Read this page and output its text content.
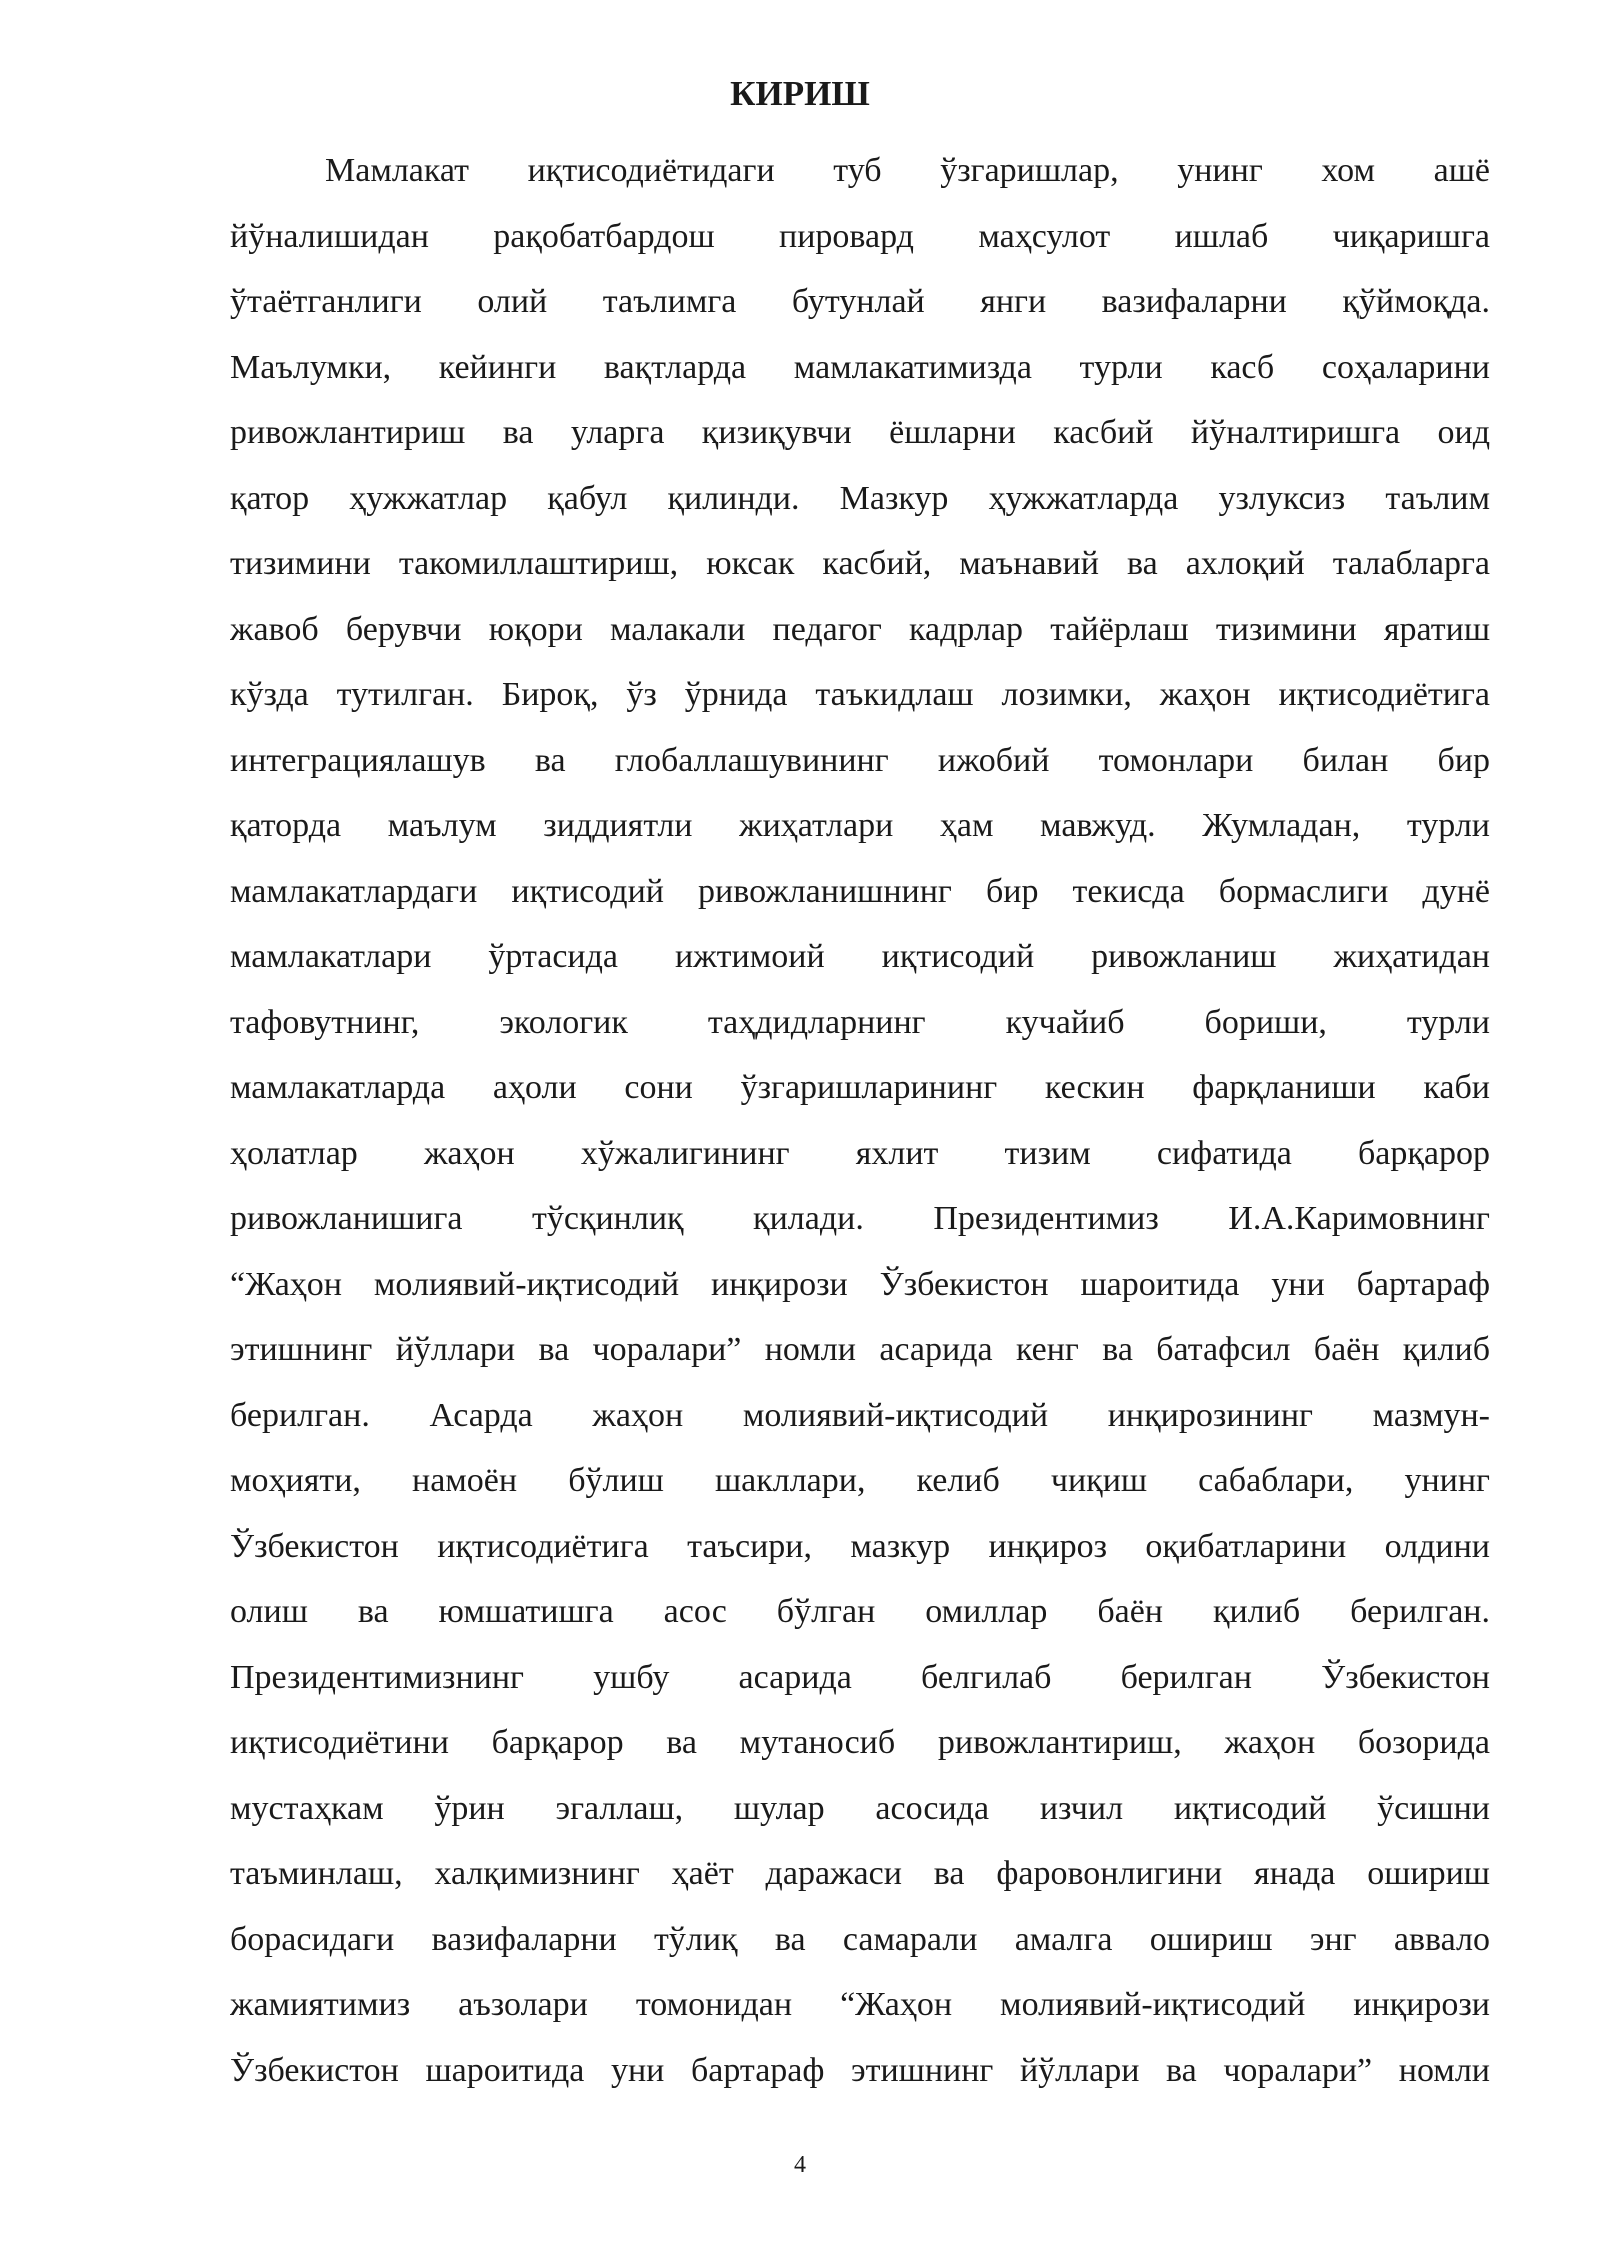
КИРИШ
Мамлакат иқтисодиётидаги туб ўзгаришлар, унинг хом ашё
йўналишидан рақобатбардош пировард маҳсулот ишлаб чиқаришга
ўтаётганлиги олий таълимга бутунлай янги вазифаларни қўймоқда.
Маълумки, кейинги вақтларда мамлакатимизда турли касб соҳаларини
ривожлантириш ва уларга қизиқувчи ёшларни касбий йўналтиришга оид
қатор ҳужжатлар қабул қилинди. Мазкур ҳужжатларда узлуксиз таълим
тизимини такомиллаштириш, юксак касбий, маънавий ва ахлоқий талабларга
жавоб берувчи юқори малакали педагог кадрлар тайёрлаш тизимини яратиш
кўзда тутилган. Бироқ, ўз ўрнида таъкидлаш лозимки, жаҳон иқтисодиётига
интеграциялашув ва глобаллашувининг ижобий томонлари билан бир
қаторда маълум зиддиятли жиҳатлари ҳам мавжуд. Жумладан, турли
мамлакатлардаги иқтисодий ривожланишнинг бир текисда бормаслиги дунё
мамлакатлари ўртасида ижтимоий иқтисодий ривожланиш жиҳатидан
тафовутнинг, экологик таҳдидларнинг кучайиб бориши, турли
мамлакатларда аҳоли сони ўзгаришларининг кескин фарқланиши каби
ҳолатлар жаҳон хўжалигининг яхлит тизим сифатида барқарор
ривожланишига тўсқинлиқ қилади. Президентимиз И.А.Каримовнинг
“Жаҳон молиявий-иқтисодий инқирози Ўзбекистон шароитида уни бартараф
этишнинг йўллари ва чоралари” номли асарида кенг ва батафсил баён қилиб
берилган. Асарда жаҳон молиявий-иқтисодий инқирозининг мазмун-
моҳияти, намоён бўлиш шакллари, келиб чиқиш сабаблари, унинг
Ўзбекистон иқтисодиётига таъсири, мазкур инқироз оқибатларини олдини
олиш ва юмшатишга асос бўлган омиллар баён қилиб берилган.
Президентимизнинг ушбу асарида белгилаб берилган Ўзбекистон
иқтисодиётини барқарор ва мутаносиб ривожлантириш, жаҳон бозорида
мустаҳкам ўрин эгаллаш, шулар асосида изчил иқтисодий ўсишни
таъминлаш, халқимизнинг ҳаёт даражаси ва фаровонлигини янада ошириш
борасидаги вазифаларни тўлиқ ва самарали амалга ошириш энг аввало
жамиятимиз аъзолари томонидан “Жаҳон молиявий-иқтисодий инқирози
Ўзбекистон шароитида уни бартараф этишнинг йўллари ва чоралари” номли
4
